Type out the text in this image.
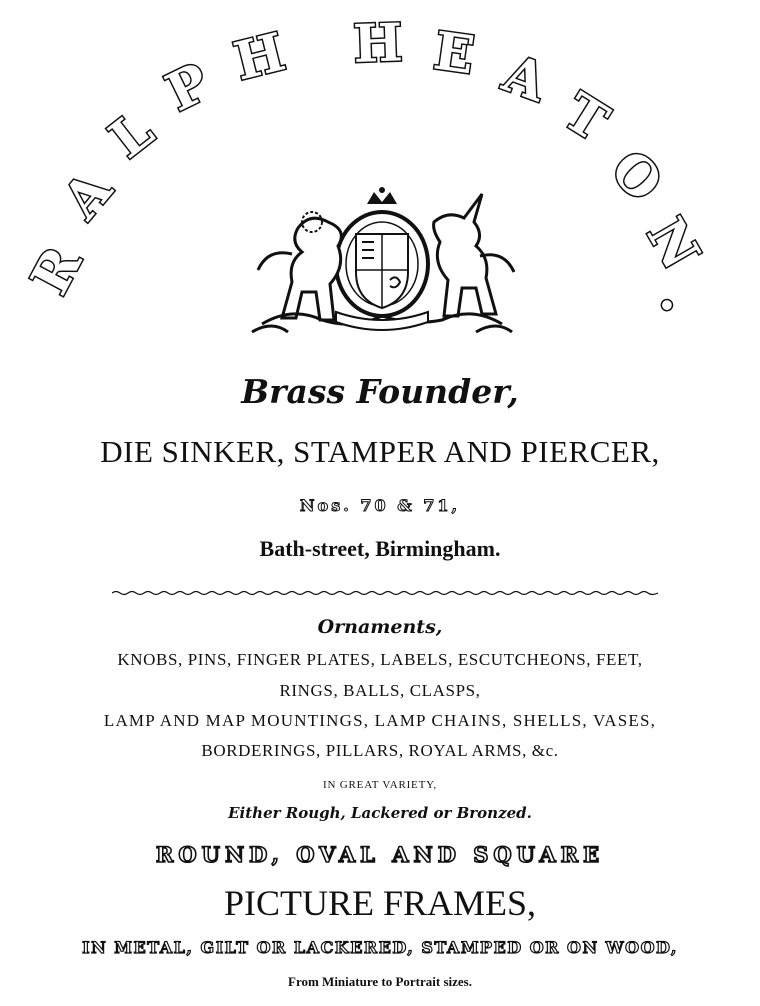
R
A
L
P H H E A
T
O
N
.
Brass Founder,
DIE SINKER, STAMPER AND PIERCER,
Nos. 70 & 71,
Bath-street, Birmingham.
Ornaments,
KNOBS, PINS, FINGER PLATES, LABELS, ESCUTCHEONS, FEET,
RINGS, BALLS, CLASPS,
LAMP AND MAP MOUNTINGS, LAMP CHAINS, SHELLS, VASES,
BORDERINGS, PILLARS, ROYAL ARMS, &c.
IN GREAT VARIETY,
Either Rough, Lackered or Bronzed.
ROUND, OVAL AND SQUARE
PICTURE FRAMES,
IN METAL, GILT OR LACKERED, STAMPED OR ON WOOD,
From Miniature to Portrait sizes.
